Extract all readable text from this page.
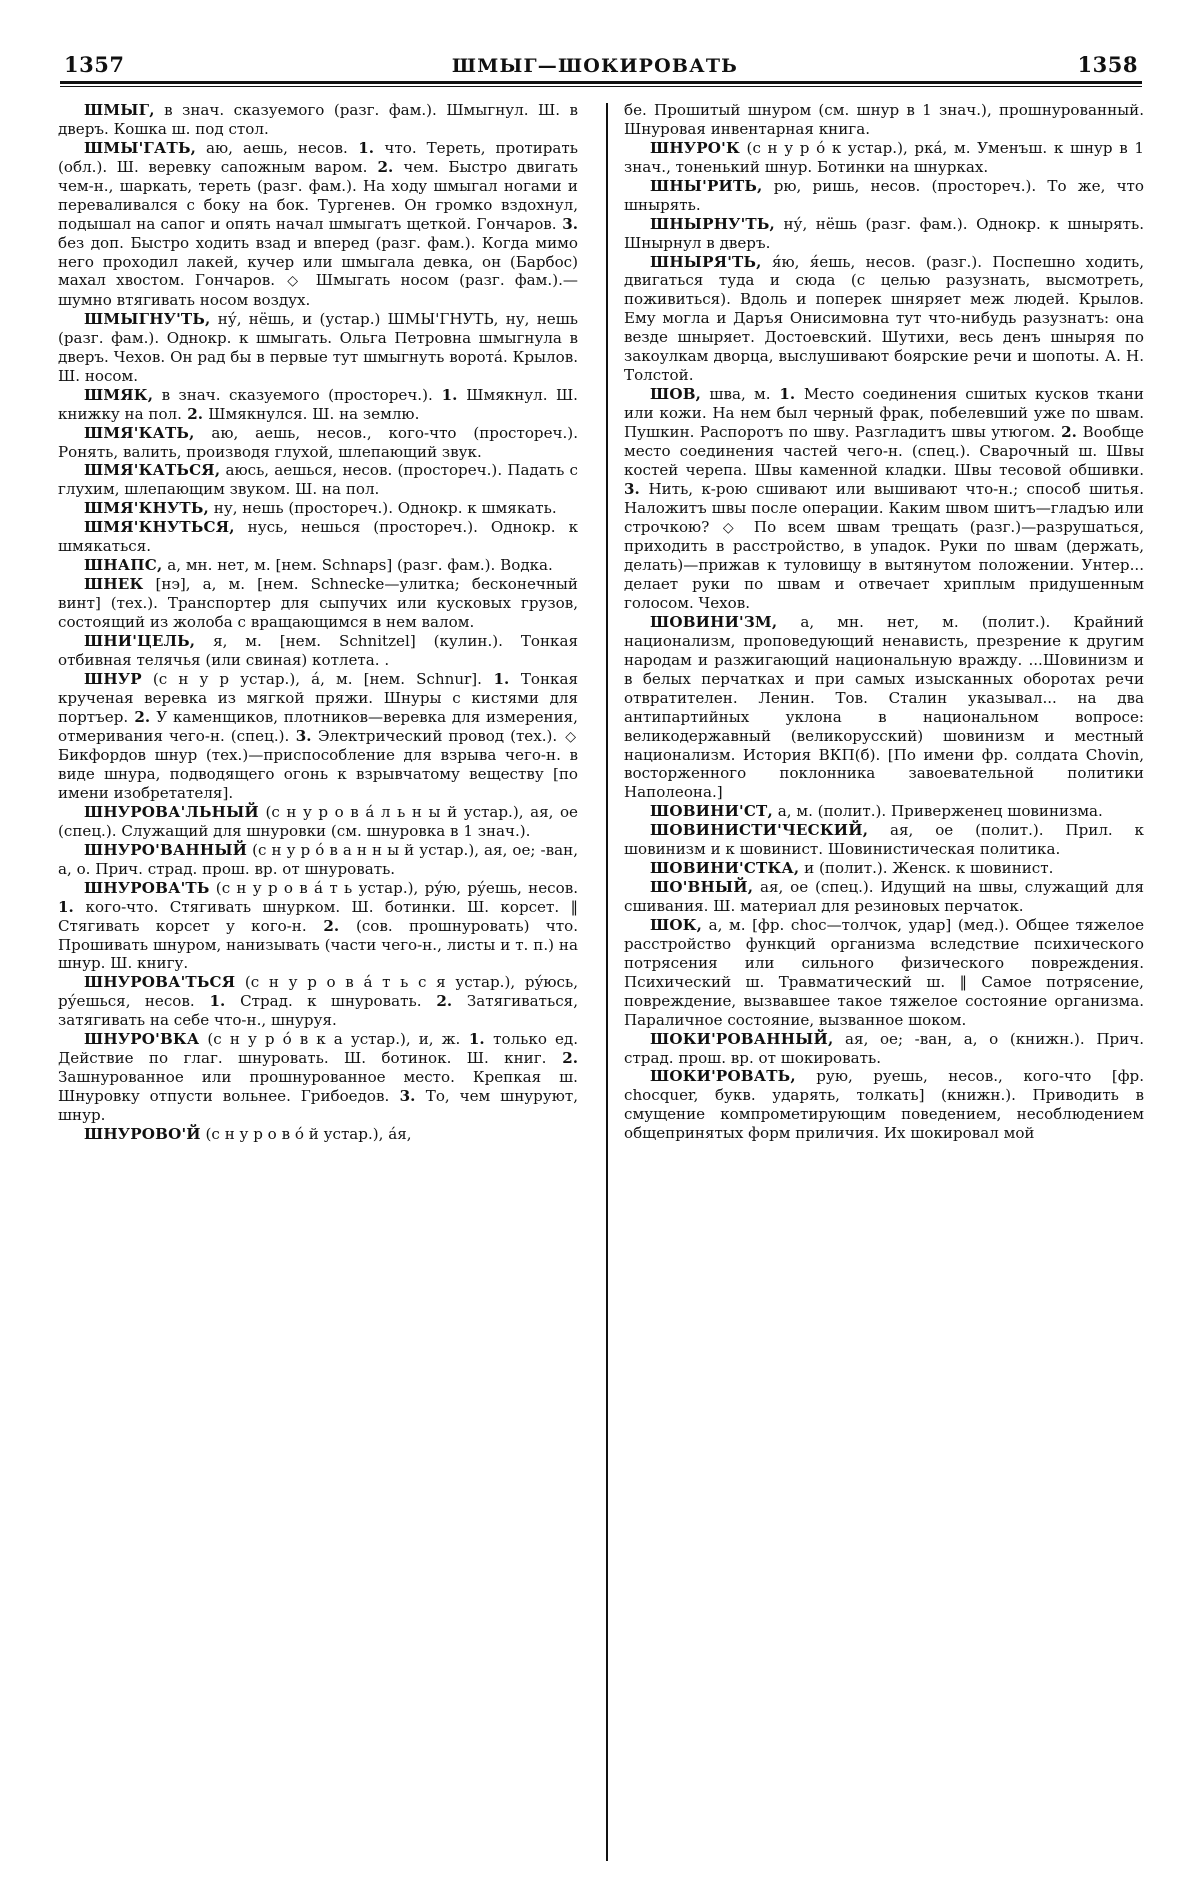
1357	ШМЫГ—ШОКИРОВАТЬ	1358

ШМЫГ, в знач. сказуемого (разг. фам.). Шмыгнул. Ш. в дверъ. Кошка ш. под стол.

ШМЫ'ГАТЬ, аю, аешь, несов. 1. что. Тереть, протирать (обл.). Ш. веревку сапожным варом. 2. чем. Быстро двигать чем-н., шаркать, тереть (разг. фам.). На ходу шмыгал ногами и переваливался с боку на бок. Тургенев. Он громко вздохнул, подышал на сапог и опять начал шмыгатъ щеткой. Гончаров. 3. без доп. Быстро ходить взад и вперед (разг. фам.). Когда мимо него проходил лакей, кучер или шмыгала девка, он (Барбос) махал хвостом. Гончаров. ◇ Шмыгать носом (разг. фам.).—шумно втягивать носом воздух.

ШМЫГНУ'ТЬ, ну́, нёшь, и (устар.) ШМЫ'ГНУТЬ, ну, нешь (разг. фам.). Однокр. к шмыгать. Ольга Петровна шмыгнула в дверъ. Чехов. Он рад бы в первые тут шмыгнуть ворота́. Крылов. Ш. носом.

ШМЯК, в знач. сказуемого (простореч.). 1. Шмякнул. Ш. книжку на пол. 2. Шмякнулся. Ш. на землю.

ШМЯ'КАТЬ, аю, аешь, несов., кого-что (простореч.). Ронять, валить, производя глухой, шлепающий звук.

ШМЯ'КАТЬСЯ, аюсь, аешься, несов. (простореч.). Падать с глухим, шлепающим звуком. Ш. на пол.

ШМЯ'КНУТЬ, ну, нешь (простореч.). Однокр. к шмякать.

ШМЯ'КНУТЬСЯ, нусь, нешься (простореч.). Однокр. к шмякаться.

ШНАПС, а, мн. нет, м. [нем. Schnaps] (разг. фам.). Водка.

ШНЕК [нэ], а, м. [нем. Schnecke—улитка; бесконечный винт] (тех.). Транспортер для сыпучих или кусковых грузов, состоящий из жолоба с вращающимся в нем валом.

ШНИ'ЦЕЛЬ, я, м. [нем. Schnitzel] (кулин.). Тонкая отбивная телячья (или свиная) котлета. .

ШНУР (с н у р устар.), а́, м. [нем. Schnur]. 1. Тонкая крученая веревка из мягкой пряжи. Шнуры с кистями для портъер. 2. У каменщиков, плотников—веревка для измерения, отмеривания чего-н. (спец.). 3. Электрический провод (тех.). ◇ Бикфордов шнур (тех.)—приспособление для взрыва чего-н. в виде шнура, подводящего огонь к взрывчатому веществу [по имени изобретателя].

ШНУРОВА'ЛЬНЫЙ (с н у р о в а́ л ь н ы й устар.), ая, ое (спец.). Служащий для шнуровки (см. шнуровка в 1 знач.).

ШНУРО'ВАННЫЙ (с н у р о́ в а н н ы й устар.), ая, ое; -ван, а, о. Прич. страд. прош. вр. от шнуровать.

ШНУРОВА'ТЬ (с н у р о в а́ т ь устар.), ру́ю, ру́ешь, несов. 1. кого-что. Стягивать шнурком. Ш. ботинки. Ш. корсет. ‖ Стягивать корсет у кого-н. 2. (сов. прошнуровать) что. Прошивать шнуром, нанизывать (части чего-н., листы и т. п.) на шнур. Ш. книгу.

ШНУРОВА'ТЬСЯ (с н у р о в а́ т ь с я устар.), ру́юсь, ру́ешься, несов. 1. Страд. к шнуровать. 2. Затягиваться, затягивать на себе что-н., шнуруя.

ШНУРО'ВКА (с н у р о́ в к а устар.), и, ж. 1. только ед. Действие по глаг. шнуровать. Ш. ботинок. Ш. книг. 2. Зашнурованное или прошнурованное место. Крепкая ш. Шнуровку отпусти вольнее. Грибоедов. 3. То, чем шнуруют, шнур.

ШНУРОВО'Й (с н у р о в о́ й устар.), а́я,

бе. Прошитый шнуром (см. шнур в 1 знач.), прошнурованный. Шнуровая инвентарная книга.

ШНУРО'К (с н у р о́ к устар.), рка́, м. Уменъш. к шнур в 1 знач., тоненький шнур. Ботинки на шнурках.

ШНЫ'РИТЬ, рю, ришь, несов. (простореч.). То же, что шнырять.

ШНЫРНУ'ТЬ, ну́, нёшь (разг. фам.). Однокр. к шнырять. Шнырнул в дверъ.

ШНЫРЯ'ТЬ, я́ю, я́ешь, несов. (разг.). Поспешно ходить, двигаться туда и сюда (с целью разузнать, высмотреть, поживиться). Вдоль и поперек шняряет меж людей. Крылов. Ему могла и Даръя Онисимовна тут что-нибудь разузнатъ: она везде шныряет. Достоевский. Шутихи, весь денъ шныряя по закоулкам дворца, выслушивают боярские речи и шопоты. А. Н. Толстой.

ШОВ, шва, м. 1. Место соединения сшитых кусков ткани или кожи. На нем был черный фрак, побелевший уже по швам. Пушкин. Распоротъ по шву. Разгладитъ швы утюгом. 2. Вообще место соединения частей чего-н. (спец.). Сварочный ш. Швы костей черепа. Швы каменной кладки. Швы тесовой обшивки. 3. Нить, к-рою сшивают или вышивают что-н.; способ шитья. Наложитъ швы после операции. Каким швом шитъ—гладъю или строчкою? ◇ По всем швам трещать (разг.)—разрушаться, приходить в расстройство, в упадок. Руки по швам (держать, делать)—прижав к туловищу в вытянутом положении. Унтер... делает руки по швам и отвечает хриплым придушенным голосом. Чехов.

ШОВИНИ'ЗМ, а, мн. нет, м. (полит.). Крайний национализм, проповедующий ненависть, презрение к другим народам и разжигающий национальную вражду. ...Шовинизм и в белых перчатках и при самых изысканных оборотах речи отвратителен. Ленин. Тов. Сталин указывал... на два антипартийных уклона в национальном вопросе: великодержавный (великорусский) шовинизм и местный национализм. История ВКП(б). [По имени фр. солдата Chovin, восторженного поклонника завоевательной политики Наполеона.]

ШОВИНИ'СТ, а, м. (полит.). Приверженец шовинизма.

ШОВИНИСТИ'ЧЕСКИЙ, ая, ое (полит.). Прил. к шовинизм и к шовинист. Шовинистическая политика.

ШОВИНИ'СТКА, и (полит.). Женск. к шовинист.

ШО'ВНЫЙ, ая, ое (спец.). Идущий на швы, служащий для сшивания. Ш. материал для резиновых перчаток.

ШОК, а, м. [фр. choc—толчок, удар] (мед.). Общее тяжелое расстройство функций организма вследствие психического потрясения или сильного физического повреждения. Психический ш. Травматический ш. ‖ Самое потрясение, повреждение, вызвавшее такое тяжелое состояние организма. Параличное состояние, вызванное шоком.

ШОКИ'РОВАННЫЙ, ая, ое; -ван, а, о (книжн.). Прич. страд. прош. вр. от шокировать.

ШОКИ'РОВАТЬ, рую, руешь, несов., кого-что [фр. chocquer, букв. ударять, толкать] (книжн.). Приводить в смущение компрометирующим поведением, несоблюдением общепринятых форм приличия. Их шокировал мой
